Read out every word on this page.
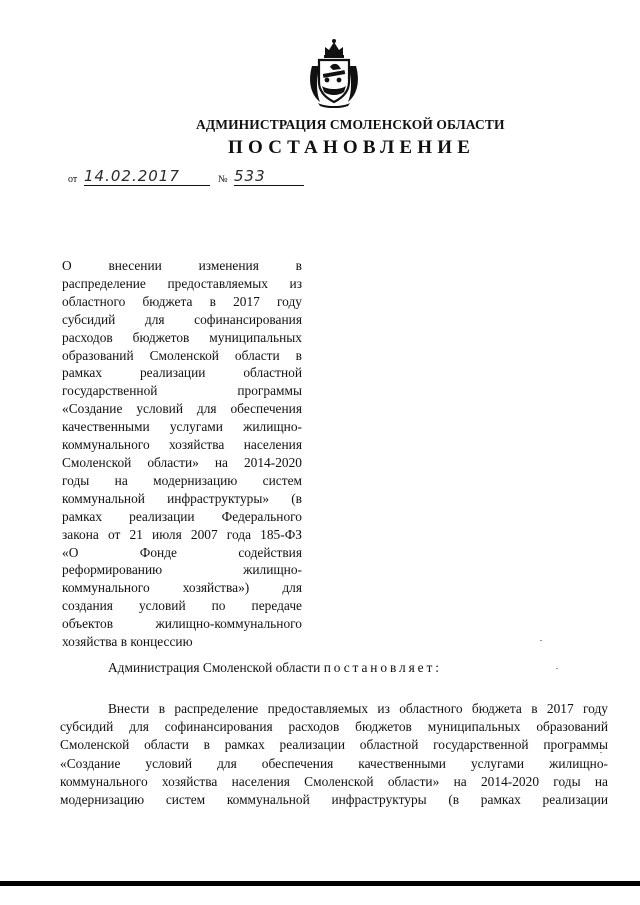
АДМИНИСТРАЦИЯ СМОЛЕНСКОЙ ОБЛАСТИ
ПОСТАНОВЛЕНИЕ
от 14.02.2017	№ 533
О внесении изменения в
распределение предоставляемых из
областного бюджета в 2017 году
субсидий для софинансирования
расходов бюджетов муниципальных
образований Смоленской области в
рамках реализации областной
государственной программы
«Создание условий для обеспечения
качественными услугами жилищно-
коммунального хозяйства населения
Смоленской области» на 2014-2020
годы на модернизацию систем
коммунальной инфраструктуры» (в
рамках реализации Федерального
закона от 21 июля 2007 года 185-ФЗ
«О Фонде содействия
реформированию жилищно-
коммунального хозяйства») для
создания условий по передаче
объектов жилищно-коммунального
хозяйства в концессию
Администрация Смоленской области постановляет:
Внести в распределение предоставляемых из областного бюджета в 2017 году
субсидий для софинансирования расходов бюджетов муниципальных образований
Смоленской области в рамках реализации областной государственной программы
«Создание условий для обеспечения качественными услугами жилищно-
коммунального хозяйства населения Смоленской области» на 2014-2020 годы на
модернизацию систем коммунальной инфраструктуры (в рамках реализации
